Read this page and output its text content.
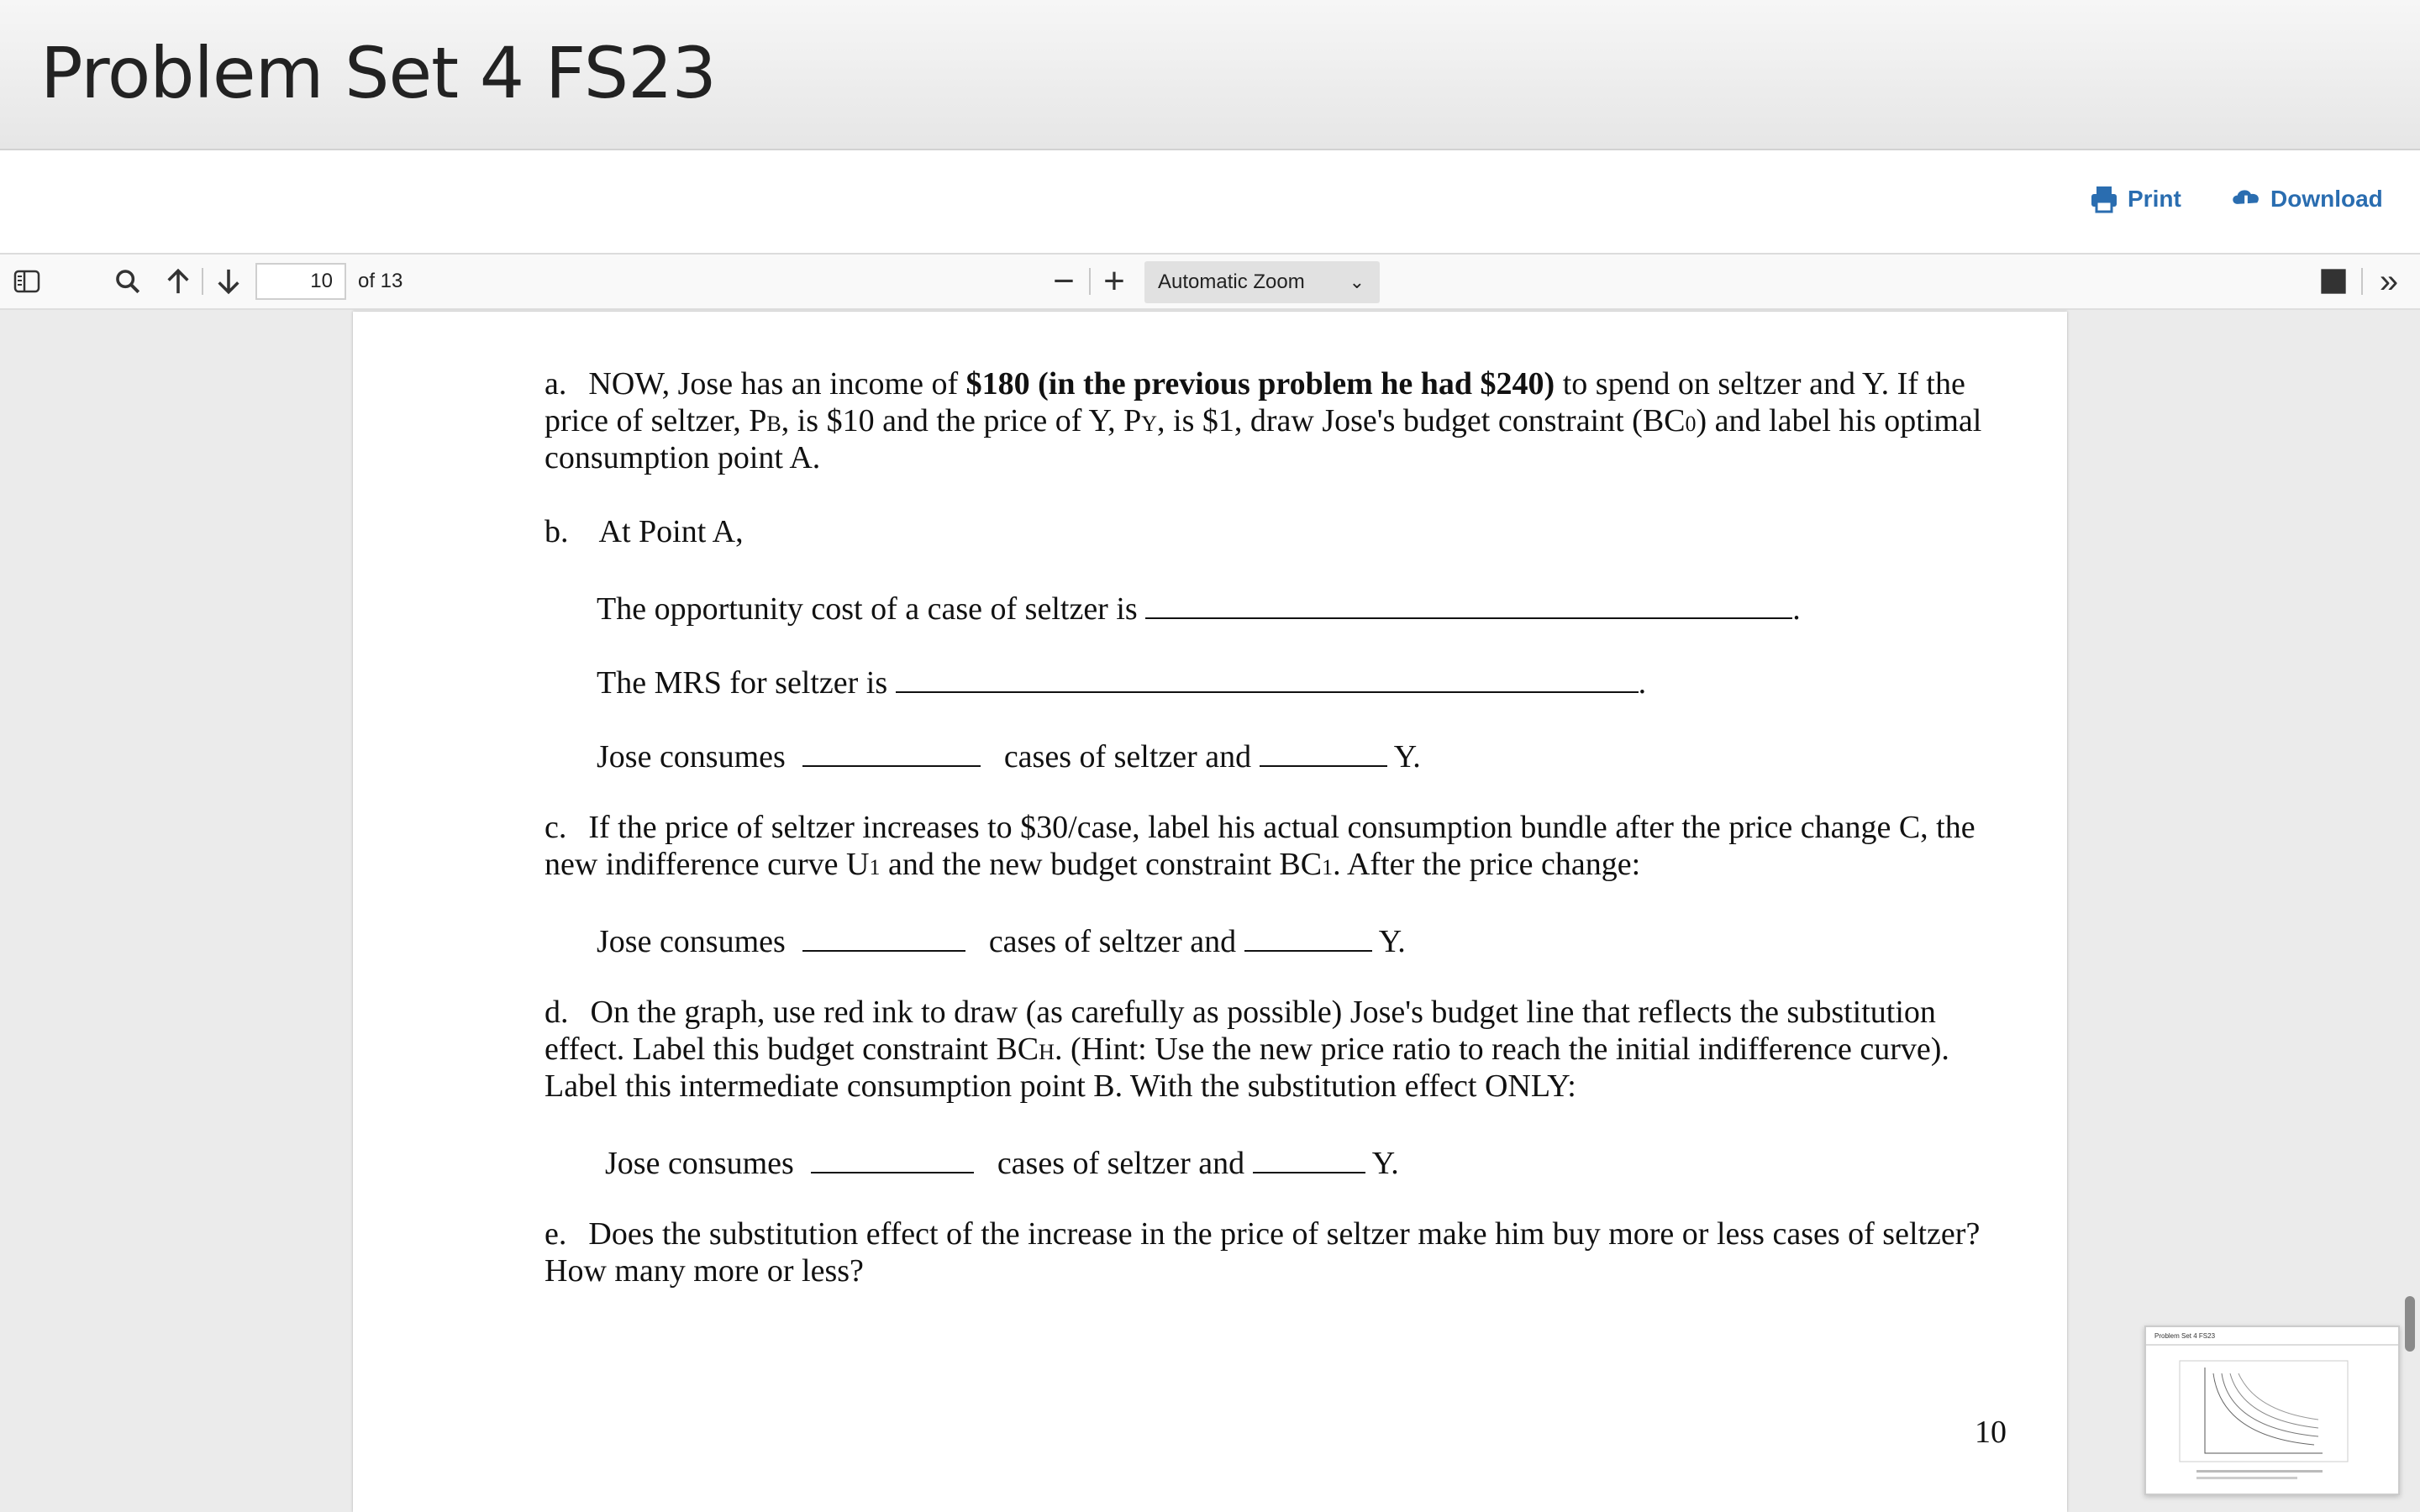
Problem Set 4 FS23
Print	Download
10	of 13	− +	Automatic Zoom ⌄	»
a. NOW, Jose has an income of $180 (in the previous problem he had $240) to spend on seltzer and Y. If the
price of seltzer, PB, is $10 and the price of Y, PY, is $1, draw Jose's budget constraint (BC0) and label his optimal
consumption point A.
b. At Point A,
The opportunity cost of a case of seltzer is	.
The MRS for seltzer is	.
Jose consumes	cases of seltzer and	Y.
c. If the price of seltzer increases to $30/case, label his actual consumption bundle after the price change C, the
new indifference curve U1 and the new budget constraint BC1. After the price change:
Jose consumes	cases of seltzer and	Y.
d. On the graph, use red ink to draw (as carefully as possible) Jose's budget line that reflects the substitution
effect. Label this budget constraint BCH. (Hint: Use the new price ratio to reach the initial indifference curve).
Label this intermediate consumption point B. With the substitution effect ONLY:
Jose consumes	cases of seltzer and	Y.
e. Does the substitution effect of the increase in the price of seltzer make him buy more or less cases of seltzer?
How many more or less?
10
Problem Set 4 FS23
